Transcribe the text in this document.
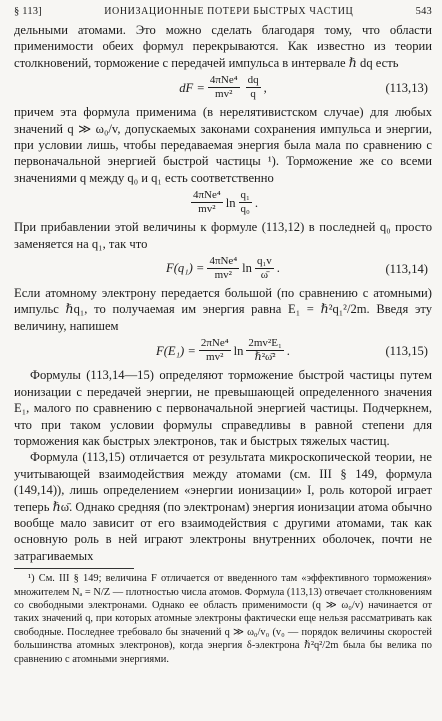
§ 113]	ИОНИЗАЦИОННЫЕ ПОТЕРИ БЫСТРЫХ ЧАСТИЦ	543

дельными атомами. Это можно сделать благодаря тому, что области применимости обеих формул перекрываются. Как известно из теории столкновений, торможение с передачей импульса в интервале ℏ dq есть

dF = $\frac{\text{4πNe⁴}}{\text{mv²}} \frac{dq}{q}$ ,	(113,13)

причем эта формула применима (в нерелятивистском случае) для любых значений q ≫ ω₀/v, допускаемых законами сохранения импульса и энергии, при условии лишь, чтобы передаваемая энергия была мала по сравнению с первоначальной энергией быстрой частицы ¹). Торможение же со всеми значениями q между q₀ и q₁ есть соответственно

$\frac{\text{4πNe⁴}}{\text{mv²}}$ $\ln \frac{\text{q₁}}{\text{q₀}}$ .

При прибавлении этой величины к формуле (113,12) в последней q₀ просто заменяется на q₁, так что

$F(q_1) = \frac{\text{4πNe⁴}}{\text{mv²}}$ $\ln \frac{\text{q₁v}}{\omegā}$ .	(113,14)

Если атомному электрону передается большой (по сравнению с атомными) импульс ℏq₁, то получаемая им энергия равна E₁ = ℏ²q₁²/2m. Введя эту величину, напишем

$F(E_1) = \frac{\text{2πNe⁴}}{\text{mv²}}$ $\ln \frac{\text{2mv²E₁}}{\text{ℏ²ω̄²}}$ .	(113,15)

Формулы (113,14—15) определяют торможение быстрой частицы путем ионизации с передачей энергии, не превышающей определенного значения E₁, малого по сравнению с первоначальной энергией частицы. Подчеркнем, что при таком условии формулы справедливы в равной степени для торможения как быстрых электронов, так и быстрых тяжелых частиц.

Формула (113,15) отличается от результата микроскопической теории, не учитывающей взаимодействия между атомами (см. III § 149, формула (149,14)), лишь определением «энергии ионизации» I, роль которой играет теперь ℏω̄. Однако средняя (по электронам) энергия ионизации атома обычно вообще мало зависит от его взаимодействия с другими атомами, так как основную роль в ней играют электроны внутренних оболочек, почти не затрагиваемых

¹) См. III § 149; величина F отличается от введенного там «эффективного торможения» множителем Nₐ = N/Z — плотностью числа атомов. Формула (113,13) отвечает столкновениям со свободными электронами. Однако ее область применимости (q ≫ ω₀/v) начинается от таких значений q, при которых атомные электроны фактически еще нельзя рассматривать как свободные. Последнее требовало бы значений q ≫ ω₀/v₀ (v₀ — порядок величины скоростей большинства атомных электронов), когда энергия δ-электрона ℏ²q²/2m была бы велика по сравнению с атомными энергиями.
